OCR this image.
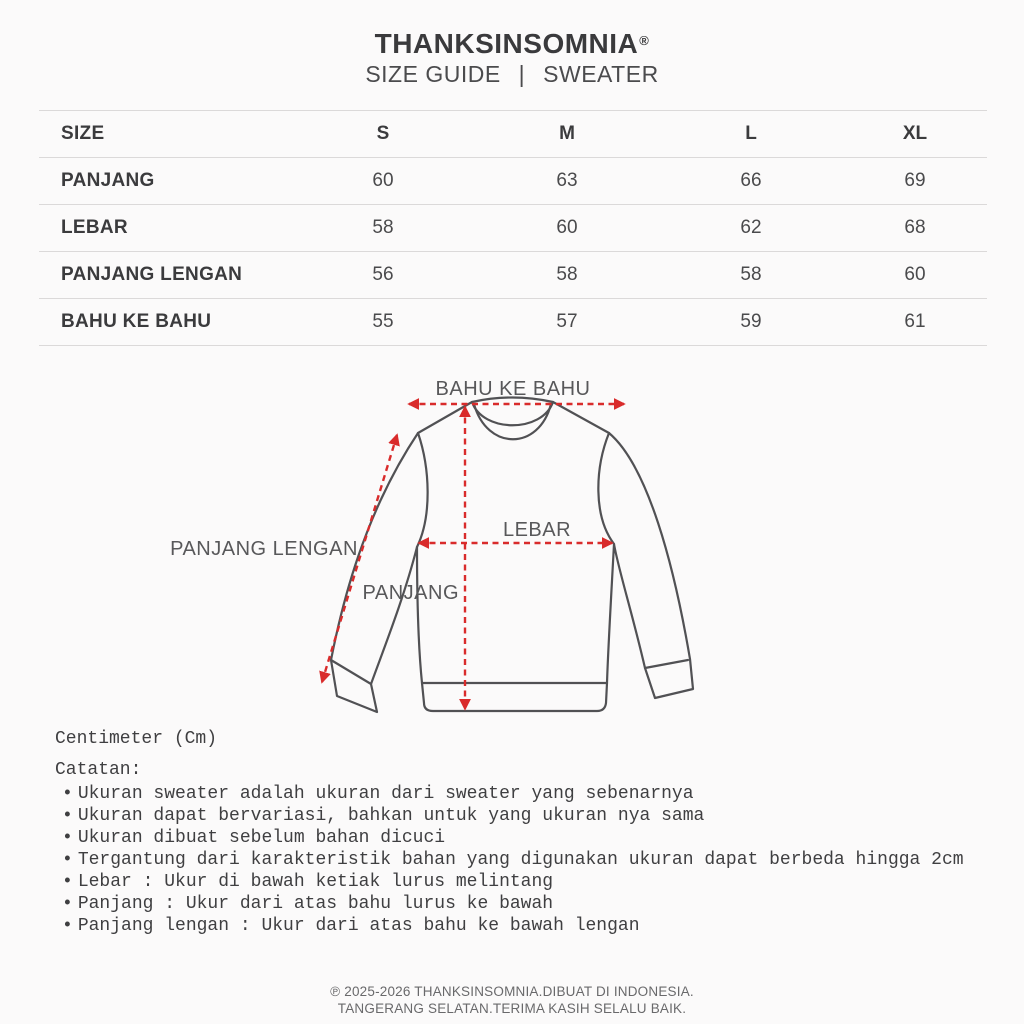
THANKSINSOMNIA®
SIZE GUIDE | SWEATER
SIZE	S	M	L	XL
PANJANG	60	63	66	69
LEBAR	58	60	62	68
PANJANG LENGAN	56	58	58	60
BAHU KE BAHU	55	57	59	61
BAHU KE BAHU
LEBAR
PANJANG
PANJANG LENGAN
Centimeter (Cm)
Catatan:
• Ukuran sweater adalah ukuran dari sweater yang sebenarnya
• Ukuran dapat bervariasi, bahkan untuk yang ukuran nya sama
• Ukuran dibuat sebelum bahan dicuci
• Tergantung dari karakteristik bahan yang digunakan ukuran dapat berbeda hingga 2cm
• Lebar : Ukur di bawah ketiak lurus melintang
• Panjang : Ukur dari atas bahu lurus ke bawah
• Panjang lengan : Ukur dari atas bahu ke bawah lengan
℗ 2025-2026 THANKSINSOMNIA.DIBUAT DI INDONESIA.
TANGERANG SELATAN.TERIMA KASIH SELALU BAIK.
